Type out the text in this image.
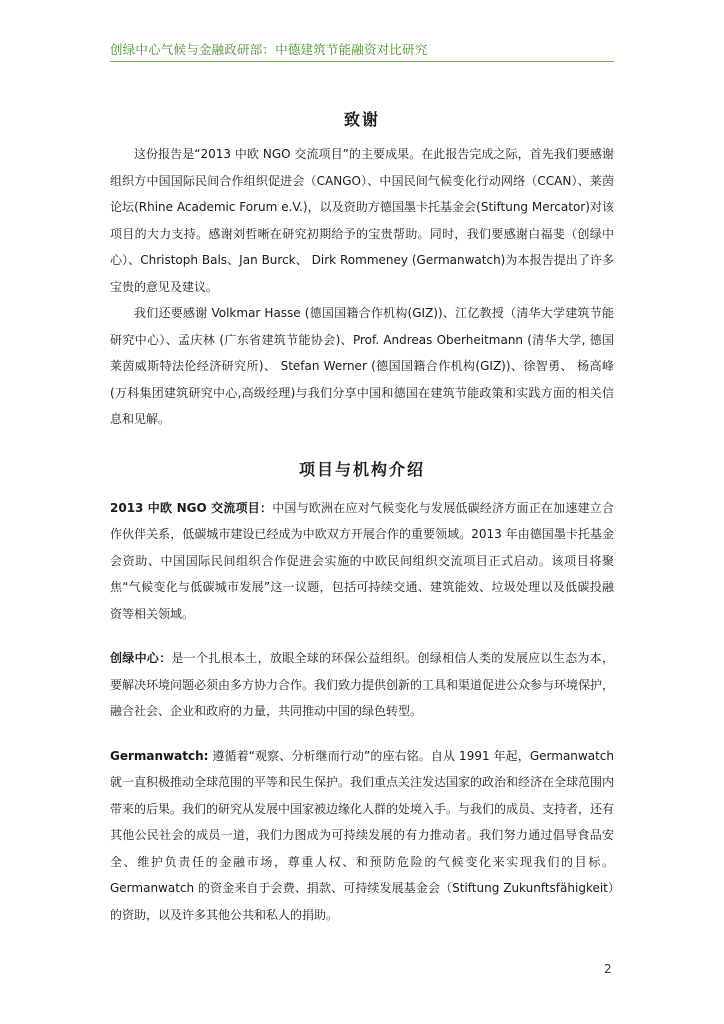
创绿中心气候与金融政研部：中德建筑节能融资对比研究
致谢

这份报告是“2013 中欧 NGO 交流项目”的主要成果。在此报告完成之际，首先我们要感谢组织方中国国际民间合作组织促进会（CANGO）、中国民间气候变化行动网络（CCAN）、莱茵论坛(Rhine Academic Forum e.V.)，以及资助方德国墨卡托基金会(Stiftung Mercator)对该项目的大力支持。感谢刘哲晰在研究初期给予的宝贵帮助。同时，我们要感谢白福斐（创绿中心）、Christoph Bals、Jan Burck、 Dirk Rommeney (Germanwatch)为本报告提出了许多宝贵的意见及建议。

我们还要感谢 Volkmar Hasse (德国国籍合作机构(GIZ))、江亿教授（清华大学建筑节能研究中心）、孟庆林 (广东省建筑节能协会)、Prof. Andreas Oberheitmann (清华大学, 德国莱茵威斯特法伦经济研究所)、 Stefan Werner (德国国籍合作机构(GIZ))、徐智勇、 杨高峰(万科集团建筑研究中心,高级经理)与我们分享中国和德国在建筑节能政策和实践方面的相关信息和见解。

项目与机构介绍

2013 中欧 NGO 交流项目：中国与欧洲在应对气候变化与发展低碳经济方面正在加速建立合作伙伴关系，低碳城市建设已经成为中欧双方开展合作的重要领域。2013 年由德国墨卡托基金会资助、中国国际民间组织合作促进会实施的中欧民间组织交流项目正式启动。该项目将聚焦“气候变化与低碳城市发展”这一议题，包括可持续交通、建筑能效、垃圾处理以及低碳投融资等相关领域。

创绿中心：是一个扎根本土，放眼全球的环保公益组织。创绿相信人类的发展应以生态为本，要解决环境问题必须由多方协力合作。我们致力提供创新的工具和渠道促进公众参与环境保护，融合社会、企业和政府的力量，共同推动中国的绿色转型。

Germanwatch: 遵循着“观察、分析继而行动”的座右铭。自从 1991 年起，Germanwatch 就一直积极推动全球范围的平等和民生保护。我们重点关注发达国家的政治和经济在全球范围内带来的后果。我们的研究从发展中国家被边缘化人群的处境入手。与我们的成员、支持者，还有其他公民社会的成员一道，我们力图成为可持续发展的有力推动者。我们努力通过倡导食品安全、维护负责任的金融市场，尊重人权、和预防危险的气候变化来实现我们的目标。Germanwatch 的资金来自于会费、捐款、可持续发展基金会（Stiftung Zukunftsfähigkeit）的资助，以及许多其他公共和私人的捐助。

2
